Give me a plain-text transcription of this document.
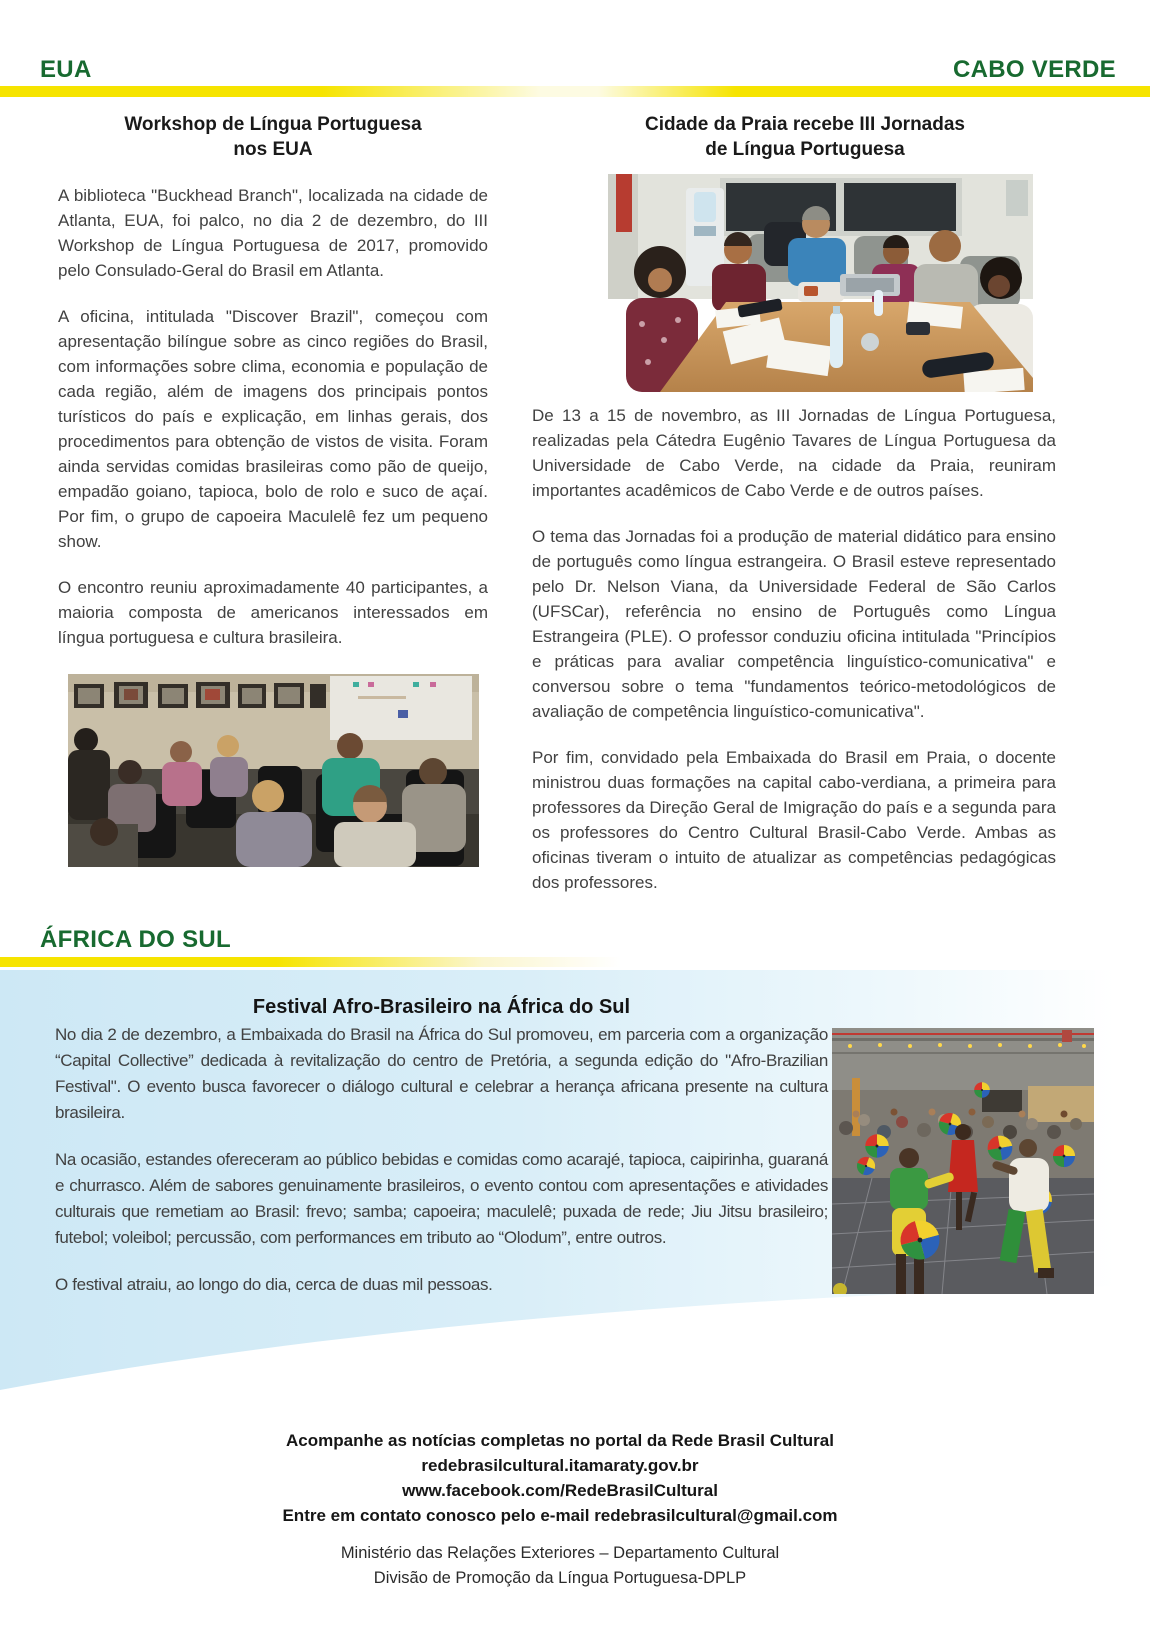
EUA	CABO VERDE
Workshop de Língua Portuguesa
nos EUA

A biblioteca "Buckhead Branch", localizada na cidade de Atlanta, EUA, foi palco, no dia 2 de dezembro, do III Workshop de Língua Portuguesa de 2017, promovido pelo Consulado-Geral do Brasil em Atlanta.

A oficina, intitulada "Discover Brazil", começou com apresentação bilíngue sobre as cinco regiões do Brasil, com informações sobre clima, economia e população de cada região, além de imagens dos principais pontos turísticos do país e explicação, em linhas gerais, dos procedimentos para obtenção de vistos de visita. Foram ainda servidas comidas brasileiras como pão de queijo, empadão goiano, tapioca, bolo de rolo e suco de açaí. Por fim, o grupo de capoeira Maculelê fez um pequeno show.

O encontro reuniu aproximadamente 40 participantes, a maioria composta de americanos interessados em língua portuguesa e cultura brasileira.

Cidade da Praia recebe III Jornadas
de Língua Portuguesa

De 13 a 15 de novembro, as III Jornadas de Língua Portuguesa, realizadas pela Cátedra Eugênio Tavares de Língua Portuguesa da Universidade de Cabo Verde, na cidade da Praia, reuniram importantes acadêmicos de Cabo Verde e de outros países.

O tema das Jornadas foi a produção de material didático para ensino de português como língua estrangeira. O Brasil esteve representado pelo Dr. Nelson Viana, da Universidade Federal de São Carlos (UFSCar), referência no ensino de Português como Língua Estrangeira (PLE). O professor conduziu oficina intitulada "Princípios e práticas para avaliar competência linguístico-comunicativa" e conversou sobre o tema "fundamentos teórico-metodológicos de avaliação de competência linguístico-comunicativa".

Por fim, convidado pela Embaixada do Brasil em Praia, o docente ministrou duas formações na capital cabo-verdiana, a primeira para professores da Direção Geral de Imigração do país e a segunda para os professores do Centro Cultural Brasil-Cabo Verde. Ambas as oficinas tiveram o intuito de atualizar as competências pedagógicas dos professores.

ÁFRICA DO SUL
Festival Afro-Brasileiro na África do Sul

No dia 2 de dezembro, a Embaixada do Brasil na África do Sul promoveu, em parceria com a organização “Capital Collective” dedicada à revitalização do centro de Pretória, a segunda edição do "Afro-Brazilian Festival". O evento busca favorecer o diálogo cultural e celebrar a herança africana presente na cultura brasileira.

Na ocasião, estandes ofereceram ao público bebidas e comidas como acarajé, tapioca, caipirinha, guaraná e churrasco. Além de sabores genuinamente brasileiros, o evento contou com apresentações e atividades culturais que remetiam ao Brasil: frevo; samba; capoeira; maculelê; puxada de rede; Jiu Jitsu brasileiro; futebol; voleibol; percussão, com performances em tributo ao “Olodum”, entre outros.

O festival atraiu, ao longo do dia, cerca de duas mil pessoas.

Acompanhe as notícias completas no portal da Rede Brasil Cultural
redebrasilcultural.itamaraty.gov.br
www.facebook.com/RedeBrasilCultural
Entre em contato conosco pelo e-mail redebrasilcultural@gmail.com
Ministério das Relações Exteriores – Departamento Cultural
Divisão de Promoção da Língua Portuguesa-DPLP
